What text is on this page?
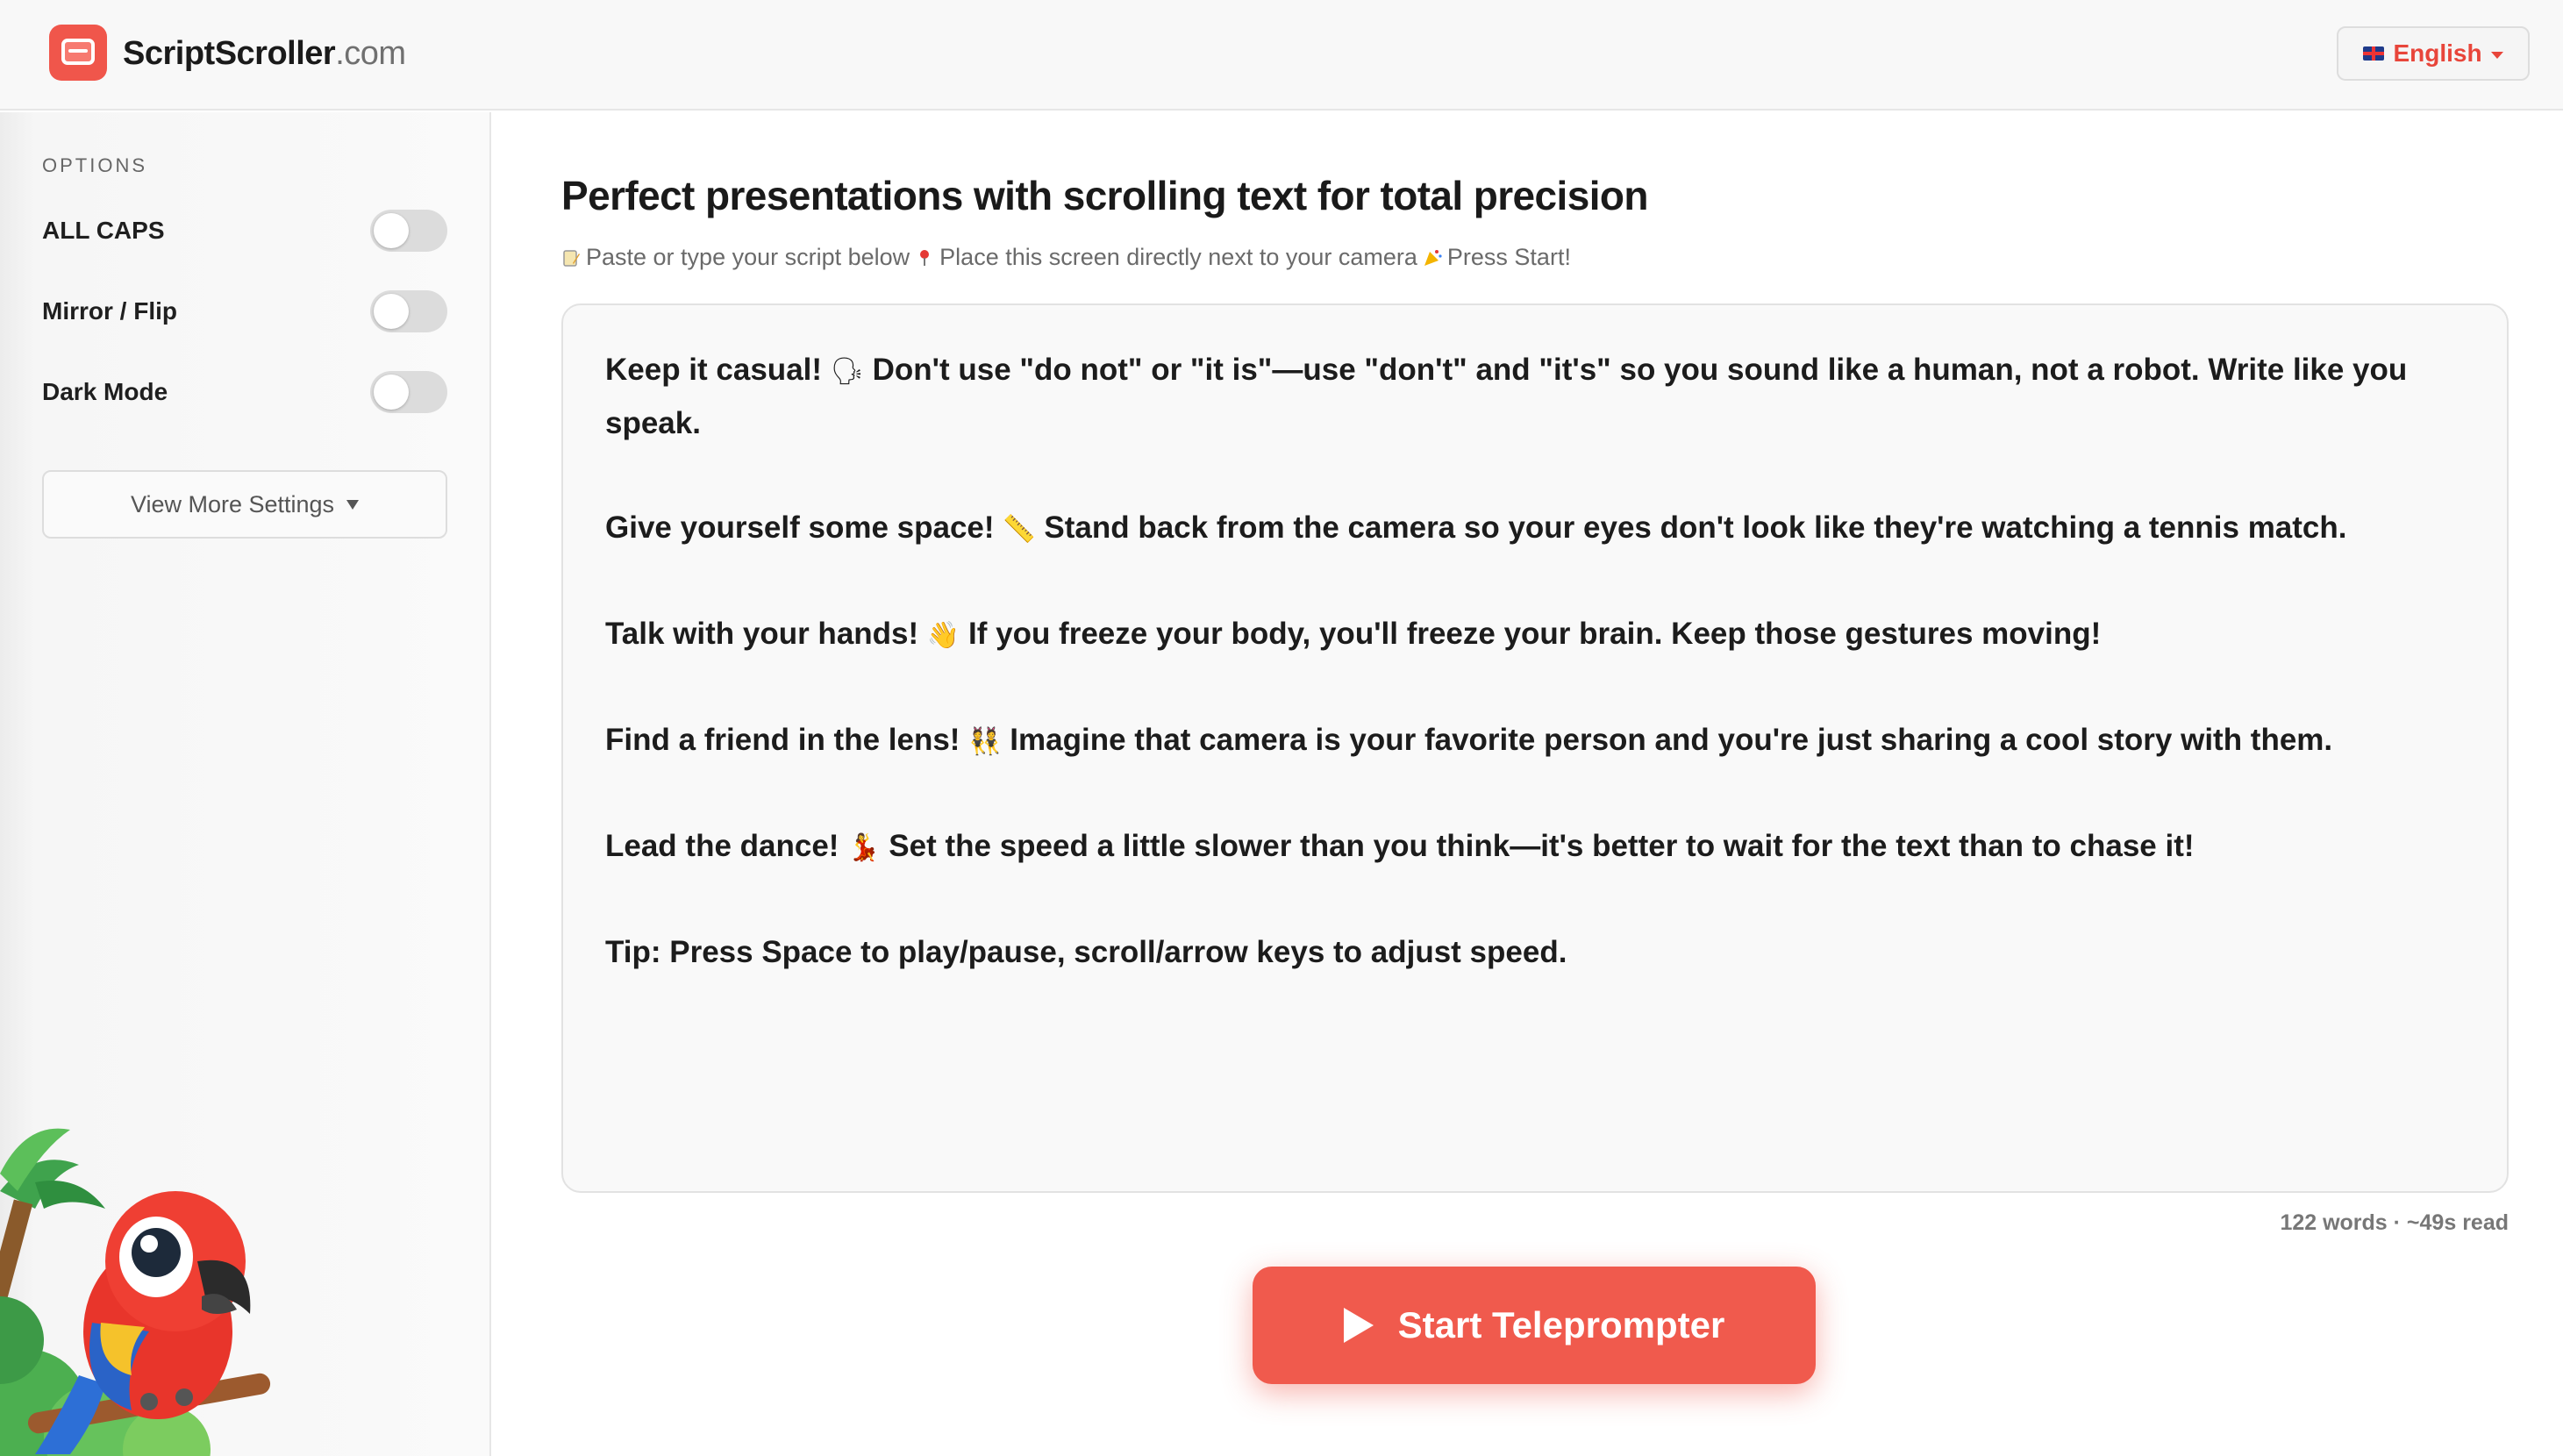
ScriptScroller.com	English
OPTIONS
ALL CAPS
Mirror / Flip
Dark Mode
View More Settings
Perfect presentations with scrolling text for total precision
Paste or type your script below Place this screen directly next to your camera Press Start!

Keep it casual! 🗣 Don't use "do not" or "it is"—use "don't" and "it's" so you sound like a human, not a robot. Write like you speak.

Give yourself some space! 📏 Stand back from the camera so your eyes don't look like they're watching a tennis match.

Talk with your hands! 👋 If you freeze your body, you'll freeze your brain. Keep those gestures moving!

Find a friend in the lens! 👯 Imagine that camera is your favorite person and you're just sharing a cool story with them.

Lead the dance! 💃 Set the speed a little slower than you think—it's better to wait for the text than to chase it!

Tip: Press Space to play/pause, scroll/arrow keys to adjust speed.

122 words · ~49s read
Start Teleprompter
